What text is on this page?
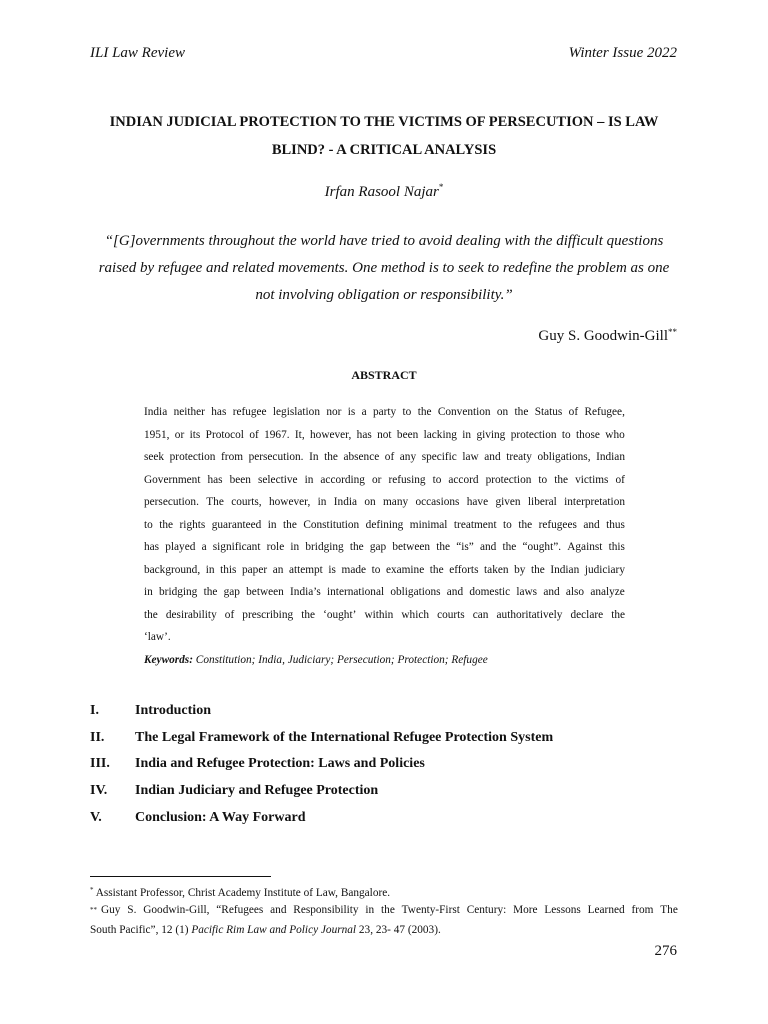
ILI Law Review	Winter Issue 2022
INDIAN JUDICIAL PROTECTION TO THE VICTIMS OF PERSECUTION – IS LAW
BLIND? - A CRITICAL ANALYSIS
Irfan Rasool Najar*
“[G]overnments throughout the world have tried to avoid dealing with the difficult questions
raised by refugee and related movements. One method is to seek to redefine the problem as one
not involving obligation or responsibility.”
Guy S. Goodwin-Gill**
ABSTRACT
India neither has refugee legislation nor is a party to the Convention on the Status of Refugee,
1951, or its Protocol of 1967. It, however, has not been lacking in giving protection to those who
seek protection from persecution. In the absence of any specific law and treaty obligations, Indian
Government has been selective in according or refusing to accord protection to the victims of
persecution. The courts, however, in India on many occasions have given liberal interpretation
to the rights guaranteed in the Constitution defining minimal treatment to the refugees and thus
has played a significant role in bridging the gap between the “is” and the “ought”. Against this
background, in this paper an attempt is made to examine the efforts taken by the Indian judiciary
in bridging the gap between India’s international obligations and domestic laws and also analyze
the desirability of prescribing the ‘ought’ within which courts can authoritatively declare the
‘law’.
Keywords:
Constitution; India, Judiciary; Persecution; Protection; Refugee
I.	Introduction
II.	The Legal Framework of the International Refugee Protection System
III.	India and Refugee Protection: Laws and Policies
IV.	Indian Judiciary and Refugee Protection
V.	Conclusion: A Way Forward
* Assistant Professor, Christ Academy Institute of Law, Bangalore.
** Guy S. Goodwin-Gill, “Refugees and Responsibility in the Twenty-First Century: More Lessons Learned from The
South Pacific”, 12 (1) Pacific Rim Law and Policy Journal 23, 23- 47 (2003).
276
